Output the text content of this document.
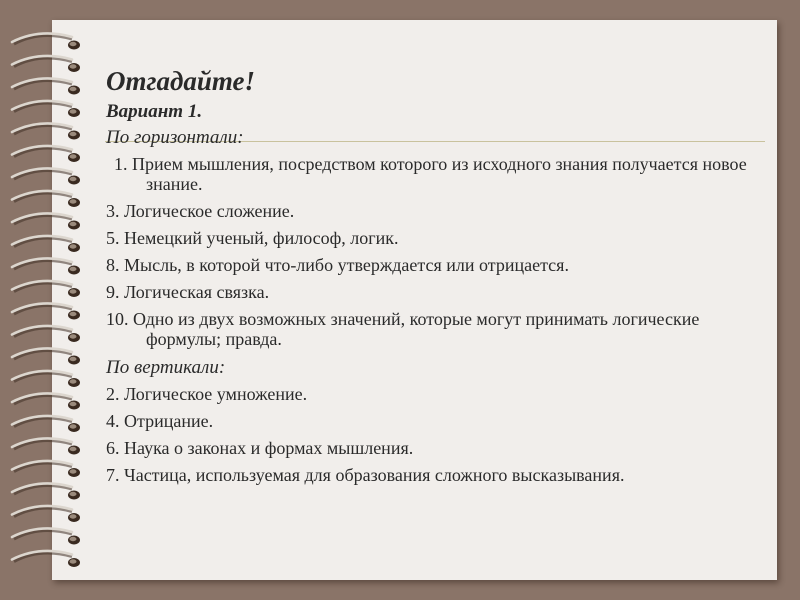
Отгадайте!
Вариант 1.
По горизонтали:
1. Прием мышления, посредством которого из исходного знания получается новое знание.
3. Логическое сложение.
5. Немецкий ученый, философ, логик.
8. Мысль, в которой что-либо утверждается или отрицается.
9. Логическая связка.
10. Одно из двух возможных значений, которые могут принимать логические формулы; правда.
По вертикали:
2. Логическое умножение.
4. Отрицание.
6. Наука о законах и формах мышления.
7. Частица, используемая для образования сложного высказывания.
